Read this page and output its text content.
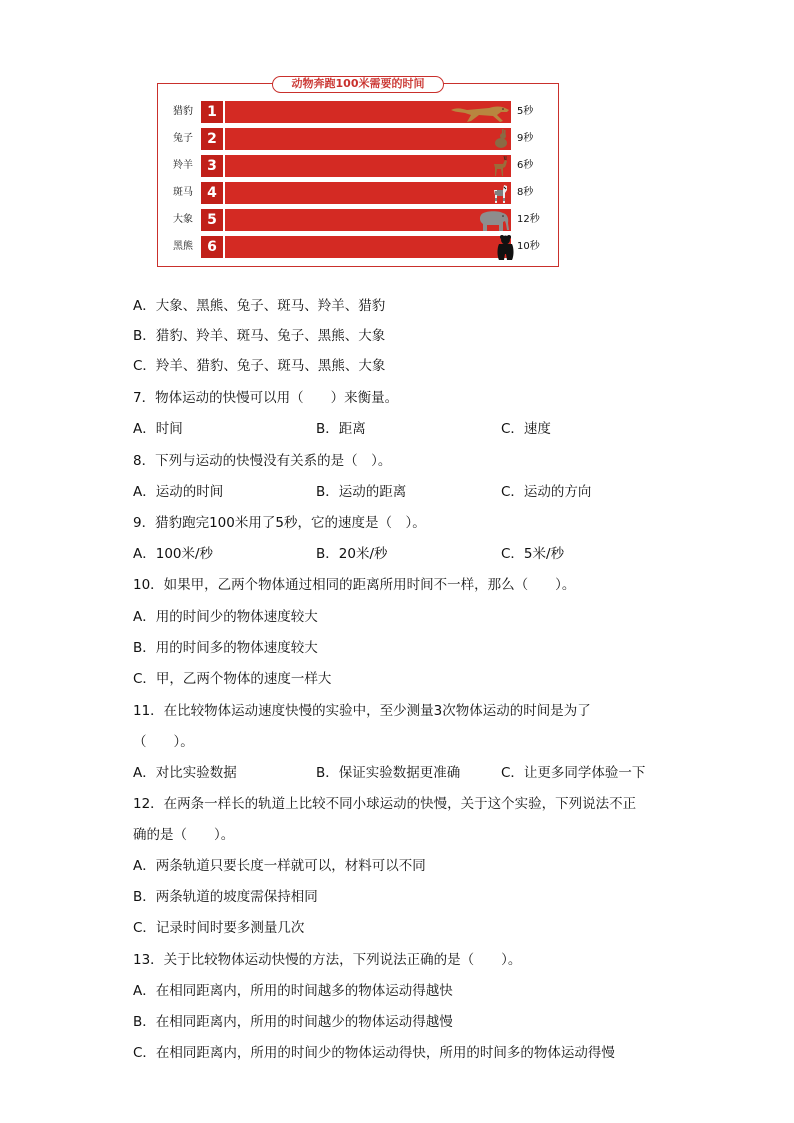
动物奔跑100米需要的时间
猎豹	1	5秒
兔子	2	9秒
羚羊	3	6秒
斑马	4	8秒
大象	5	12秒
黑熊	6	10秒
A．大象、黑熊、兔子、斑马、羚羊、猎豹
B．猎豹、羚羊、斑马、兔子、黑熊、大象
C．羚羊、猎豹、兔子、斑马、黑熊、大象
7．物体运动的快慢可以用（　　）来衡量。
A．时间	B．距离	C．速度
8．下列与运动的快慢没有关系的是（　）。
A．运动的时间	B．运动的距离	C．运动的方向
9．猎豹跑完100米用了5秒，它的速度是（　）。
A．100米/秒	B．20米/秒	C．5米/秒
10．如果甲，乙两个物体通过相同的距离所用时间不一样，那么（　　）。
A．用的时间少的物体速度较大
B．用的时间多的物体速度较大
C．甲，乙两个物体的速度一样大
11．在比较物体运动速度快慢的实验中，至少测量3次物体运动的时间是为了
（　　）。
A．对比实验数据	B．保证实验数据更准确	C．让更多同学体验一下
12．在两条一样长的轨道上比较不同小球运动的快慢，关于这个实验，下列说法不正
确的是（　　）。
A．两条轨道只要长度一样就可以，材料可以不同
B．两条轨道的坡度需保持相同
C．记录时间时要多测量几次
13．关于比较物体运动快慢的方法，下列说法正确的是（　　）。
A．在相同距离内，所用的时间越多的物体运动得越快
B．在相同距离内，所用的时间越少的物体运动得越慢
C．在相同距离内，所用的时间少的物体运动得快，所用的时间多的物体运动得慢
